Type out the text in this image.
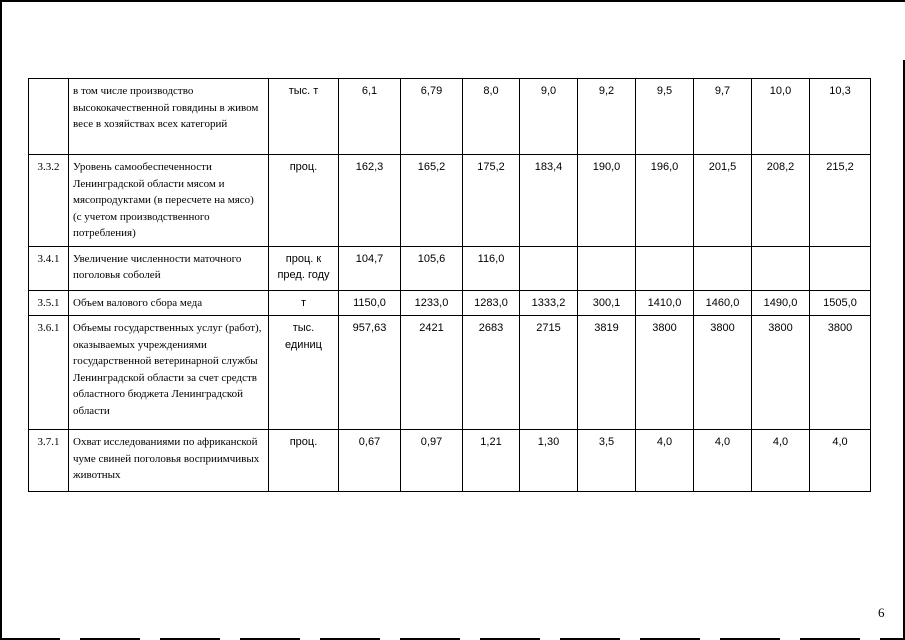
	в том числе производство высококачественной говядины в живом весе в хозяйствах всех категорий	тыс. т	6,1	6,79	8,0	9,0	9,2	9,5	9,7	10,0	10,3
3.3.2	Уровень самообеспеченности Ленинградской области мясом и мясопродуктами (в пересчете на мясо) (с учетом производственного потребления)	проц.	162,3	165,2	175,2	183,4	190,0	196,0	201,5	208,2	215,2
3.4.1	Увеличение численности маточного поголовья соболей	проц. к пред. году	104,7	105,6	116,0						
3.5.1	Объем валового сбора меда	т	1150,0	1233,0	1283,0	1333,2	300,1	1410,0	1460,0	1490,0	1505,0
3.6.1	Объемы государственных услуг (работ), оказываемых учреждениями государственной ветеринарной службы Ленинградской области за счет средств областного бюджета Ленинградской области	тыс. единиц	957,63	2421	2683	2715	3819	3800	3800	3800	3800
3.7.1	Охват исследованиями по африканской чуме свиней поголовья восприимчивых животных	проц.	0,67	0,97	1,21	1,30	3,5	4,0	4,0	4,0	4,0
6
